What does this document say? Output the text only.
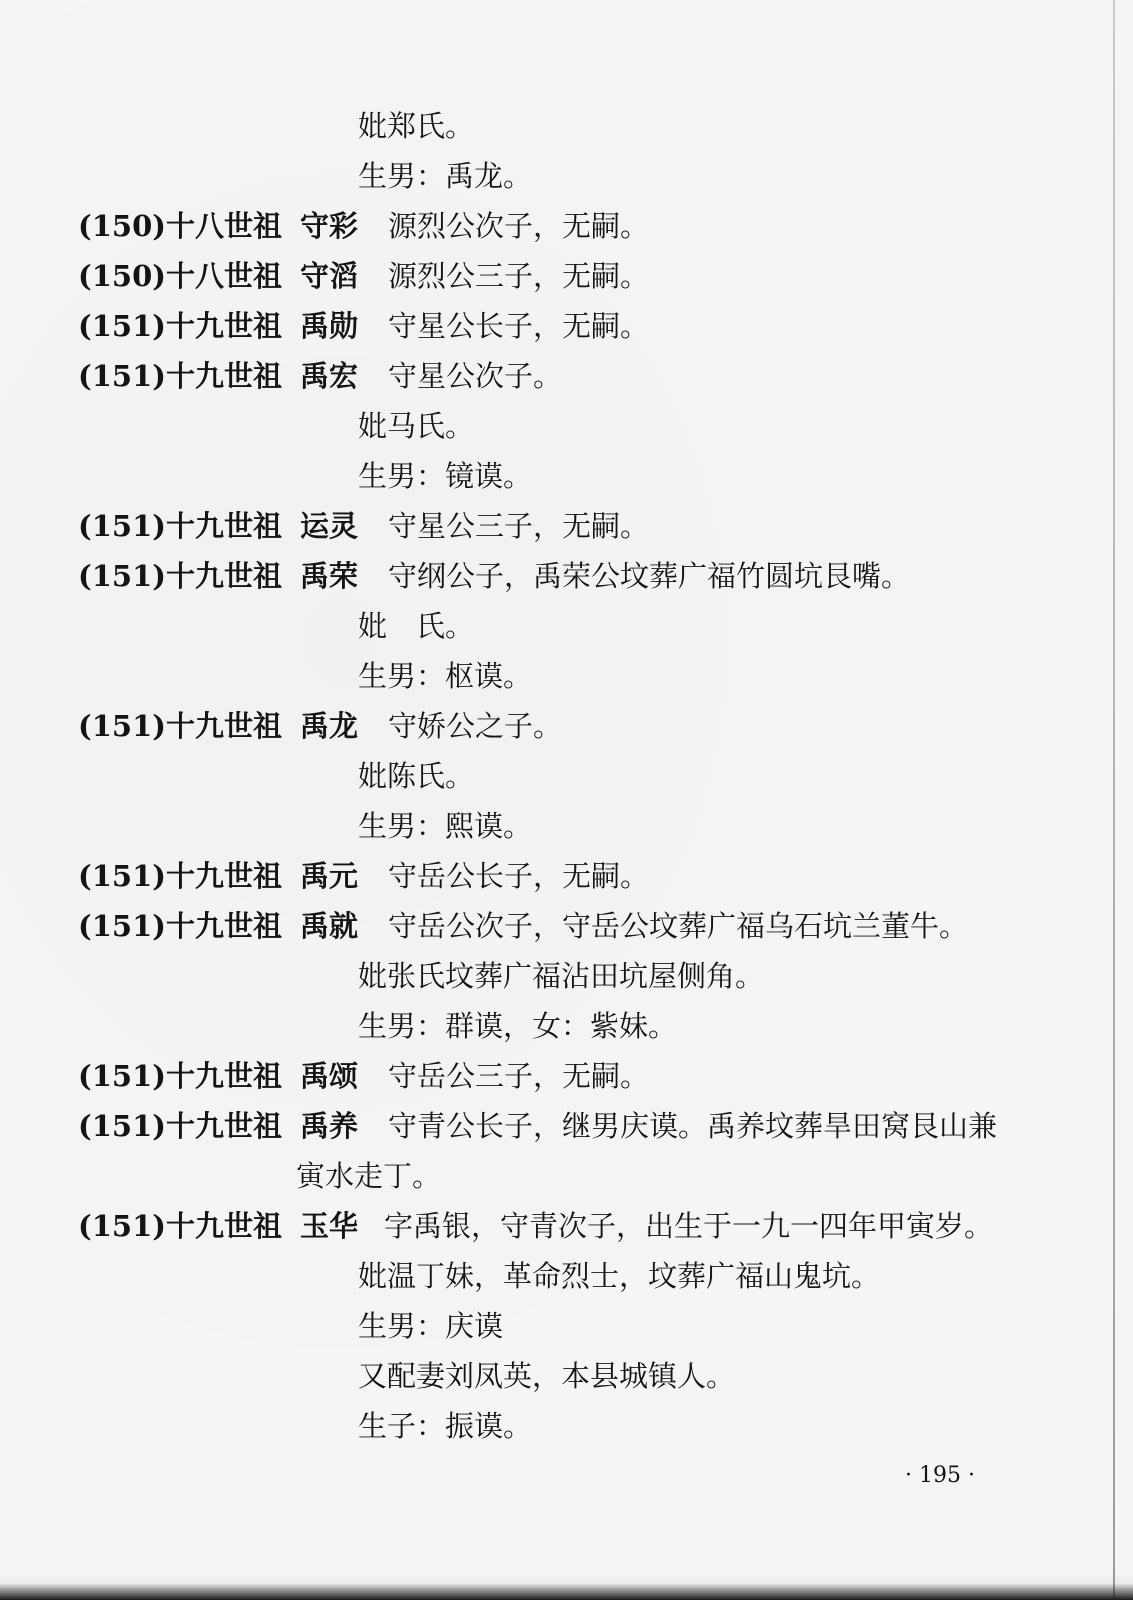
妣郑氏。
生男：禹龙。
(150)十八世祖 守彩 源烈公次子，无嗣。
(150)十八世祖 守滔 源烈公三子，无嗣。
(151)十九世祖 禹勋 守星公长子，无嗣。
(151)十九世祖 禹宏 守星公次子。
妣马氏。
生男：镜谟。
(151)十九世祖 运灵 守星公三子，无嗣。
(151)十九世祖 禹荣 守纲公子，禹荣公坟葬广福竹圆坑艮嘴。
妣　氏。
生男：枢谟。
(151)十九世祖 禹龙 守娇公之子。
妣陈氏。
生男：熙谟。
(151)十九世祖 禹元 守岳公长子，无嗣。
(151)十九世祖 禹就 守岳公次子，守岳公坟葬广福乌石坑兰董牛。
妣张氏坟葬广福沾田坑屋侧角。
生男：群谟，女：紫妹。
(151)十九世祖 禹颂 守岳公三子，无嗣。
(151)十九世祖 禹养 守青公长子，继男庆谟。禹养坟葬旱田窝艮山兼
寅水走丁。
(151)十九世祖 玉华 字禹银，守青次子，出生于一九一四年甲寅岁。
妣温丁妹，革命烈士，坟葬广福山鬼坑。
生男：庆谟
又配妻刘凤英，本县城镇人。
生子：振谟。
· 195 ·
